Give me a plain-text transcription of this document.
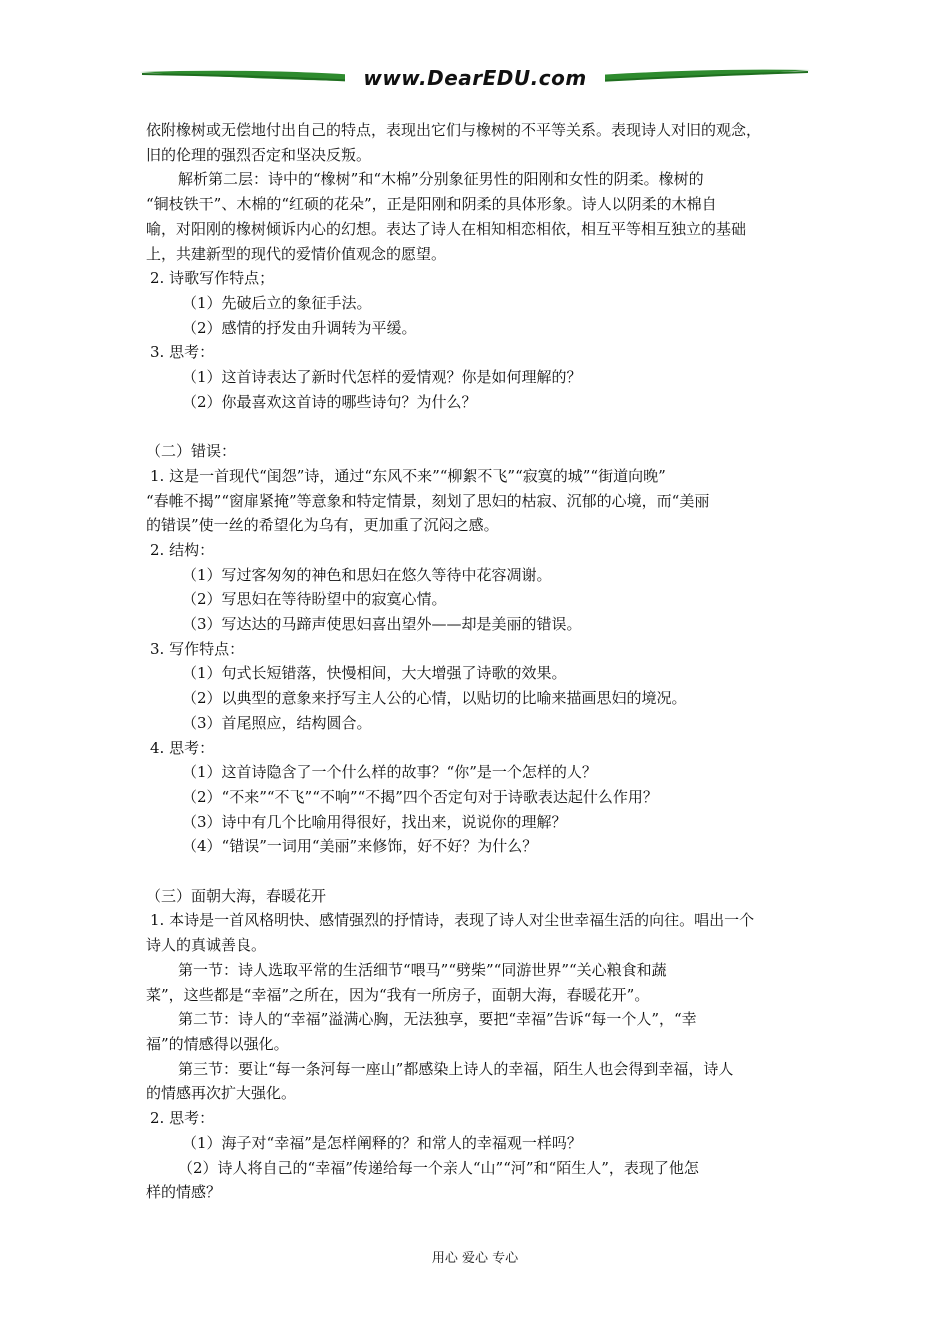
www.DearEDU.com

依附橡树或无偿地付出自己的特点，表现出它们与橡树的不平等关系。表现诗人对旧的观念，

旧的伦理的强烈否定和坚决反叛。

解析第二层：诗中的“橡树”和“木棉”分别象征男性的阳刚和女性的阴柔。橡树的

“铜枝铁干”、木棉的“红硕的花朵”，正是阳刚和阴柔的具体形象。诗人以阴柔的木棉自

喻，对阳刚的橡树倾诉内心的幻想。表达了诗人在相知相恋相依，相互平等相互独立的基础

上，共建新型的现代的爱情价值观念的愿望。

2. 诗歌写作特点；

（1）先破后立的象征手法。

（2）感情的抒发由升调转为平缓。

3. 思考：

（1）这首诗表达了新时代怎样的爱情观？你是如何理解的？

（2）你最喜欢这首诗的哪些诗句？为什么？

（二）错误：

1. 这是一首现代“闺怨”诗，通过“东风不来”“柳絮不飞”“寂寞的城”“街道向晚”

“春帷不揭”“窗扉紧掩”等意象和特定情景，刻划了思妇的枯寂、沉郁的心境，而“美丽

的错误”使一丝的希望化为乌有，更加重了沉闷之感。

2. 结构：

（1）写过客匆匆的神色和思妇在悠久等待中花容凋谢。

（2）写思妇在等待盼望中的寂寞心情。

（3）写达达的马蹄声使思妇喜出望外——却是美丽的错误。

3. 写作特点：

（1）句式长短错落，快慢相间，大大增强了诗歌的效果。

（2）以典型的意象来抒写主人公的心情，以贴切的比喻来描画思妇的境况。

（3）首尾照应，结构圆合。

4. 思考：

（1）这首诗隐含了一个什么样的故事？“你”是一个怎样的人？

（2）“不来”“不飞”“不响”“不揭”四个否定句对于诗歌表达起什么作用？

（3）诗中有几个比喻用得很好，找出来，说说你的理解？

（4）“错误”一词用“美丽”来修饰，好不好？为什么？

（三）面朝大海，春暖花开

1. 本诗是一首风格明快、感情强烈的抒情诗，表现了诗人对尘世幸福生活的向往。唱出一个

诗人的真诚善良。

第一节：诗人选取平常的生活细节“喂马”“劈柴”“同游世界”“关心粮食和蔬

菜”，这些都是“幸福”之所在，因为“我有一所房子，面朝大海，春暖花开”。

第二节：诗人的“幸福”溢满心胸，无法独享，要把“幸福”告诉“每一个人”，“幸

福”的情感得以强化。

第三节：要让“每一条河每一座山”都感染上诗人的幸福，陌生人也会得到幸福，诗人

的情感再次扩大强化。

2. 思考：

（1）海子对“幸福”是怎样阐释的？和常人的幸福观一样吗？

（2）诗人将自己的“幸福”传递给每一个亲人“山”“河”和“陌生人”，表现了他怎

样的情感？

用心 爱心 专心
